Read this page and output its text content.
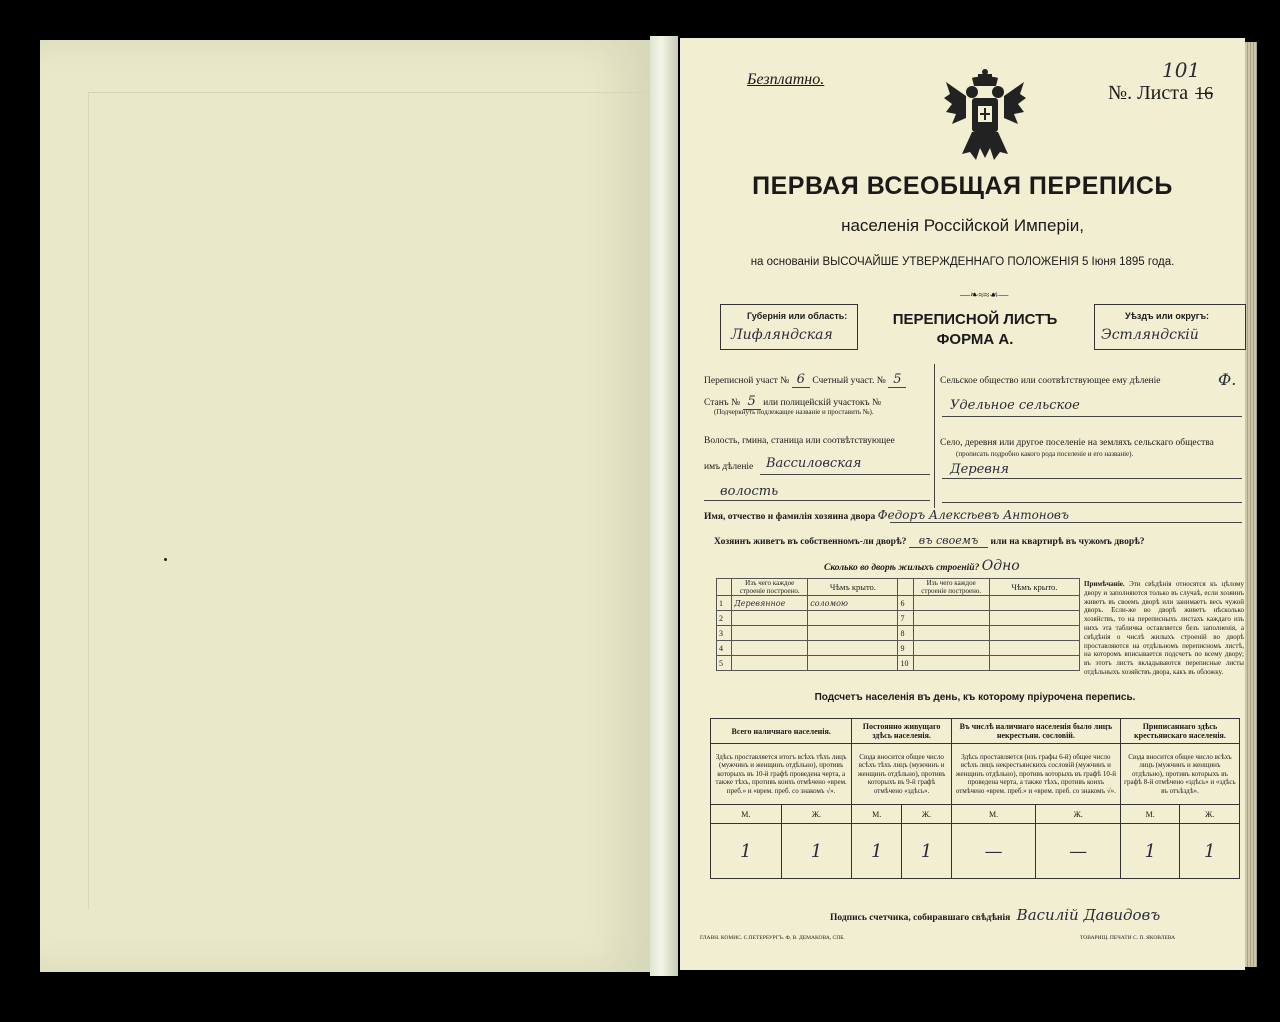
Безплатно.
№. Листа 16
101
ПЕРВАЯ ВСЕОБЩАЯ ПЕРЕПИСЬ
населенія Россійской Имперіи,
на основаніи ВЫСОЧАЙШЕ УТВЕРЖДЕННАГО ПОЛОЖЕНІЯ 5 Іюня 1895 года.
—❧≈≈☙—
Губернія или область:
Лифляндская
ПЕРЕПИСНОЙ ЛИСТЪ
ФОРМА А.
Уѣздъ или округъ:
Эстляндскій
Переписной участ № 6 Счетный участ. № 5
Станъ № 5 или полицейскій участокъ №
(Подчеркнуть подлежащее названіе и проставить №).
Волость, гмина, станица или соотвѣтствующее
имъ дѣленіе Вассиловская
волость
Сельское общество или соотвѣтствующее ему дѣленіе	Ф.
Удельное сельское
Село, деревня или другое поселеніе на земляхъ сельскаго общества
(прописать подробно какого рода поселеніе и его названіе).
Деревня
Имя, отчество и фамилія хозяина двора Федоръ Алексѣевъ Антоновъ
Хозяинъ живетъ въ собственномъ-ли дворѣ? въ своемъ или на квартирѣ въ чужомъ дворѣ?
Сколько во дворѣ жилыхъ строеній? Одно
	Изъ чего каждое строеніе построено.	Чѣмъ крыто.		Изъ чего каждое строеніе построено.	Чѣмъ крыто.
1	Деревянное	соломою	6		
2			7		
3			8		
4			9		
5			10		
Примѣчаніе. Эти свѣдѣнія относятся къ цѣлому двору и заполняются только въ случаѣ, если хозяинъ живетъ въ своемъ дворѣ или занимаетъ весь чужой дворъ. Если-же во дворѣ живетъ нѣсколько хозяйствъ, то на переписныхъ листахъ каждаго изъ нихъ эта табличка оставляется безъ заполненія, а свѣдѣнія о числѣ жилыхъ строеній во дворѣ проставляются на отдѣльномъ переписномъ листѣ, на которомъ вписывается подсчетъ по всему двору; въ этотъ листъ вкладываются переписные листы отдѣльныхъ хозяйствъ двора, какъ въ обложку.
Подсчетъ населенія въ день, къ которому пріурочена перепись.
Всего наличнаго населенія.		Постоянно живущаго здѣсь населенія.		Въ числѣ наличнаго населенія было лицъ некрестьян. сословій.		Приписаннаго здѣсь крестьянскаго населенія.	
Здѣсь проставляется итогъ всѣхъ тѣхъ лицъ (мужчинъ и женщинъ отдѣльно), противъ которыхъ въ 10-й графѣ проведена черта, а также тѣхъ, противъ коихъ отмѣчено «врем. преб.» и «врем. преб. со знакомъ √».		Сюда вносится общее число всѣхъ тѣхъ лицъ (мужчинъ и женщинъ отдѣльно), противъ которыхъ въ 9-й графѣ отмѣчено «здѣсь».		Здѣсь проставляется (изъ графы 6-й) общее число всѣхъ лицъ некрестьянскихъ сословій (мужчинъ и женщинъ отдѣльно), противъ которыхъ въ графѣ 10-й проведена черта, а также тѣхъ, противъ коихъ отмѣчено «врем. преб.» и «врем. преб. со знакомъ √».		Сюда вносится общее число всѣхъ лицъ (мужчинъ и женщинъ отдѣльно), противъ которыхъ въ графѣ 8-й отмѣчено «здѣсь» и «здѣсь въ отъѣздѣ».	
М.	Ж.	М.	Ж.	М.	Ж.	М.	Ж.
1	1	1	1	—	—	1	1
Подпись счетчика, собиравшаго свѣдѣнія Василій Давидовъ
ГЛАВН. КОМИС. С.ПЕТЕРБУРГЪ. Ф. В. ДЕМАКОВА, СПБ.	ТОВАРИЩ. ПЕЧАТИ С. П. ЯКОВЛЕВА
